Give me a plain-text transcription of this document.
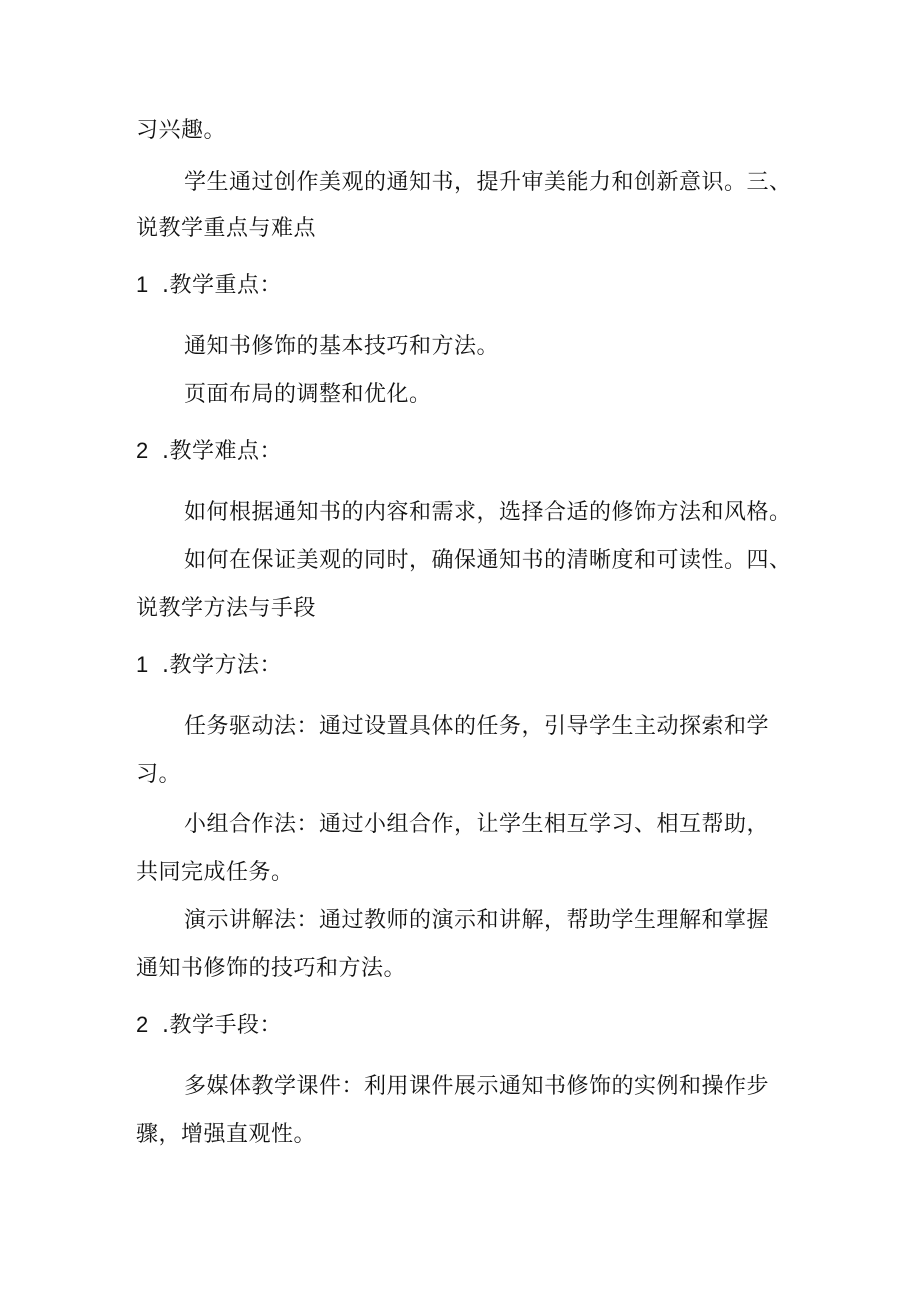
习兴趣。
学生通过创作美观的通知书，提升审美能力和创新意识。三、
说教学重点与难点
1 .教学重点：
通知书修饰的基本技巧和方法。
页面布局的调整和优化。
2 .教学难点：
如何根据通知书的内容和需求，选择合适的修饰方法和风格。
如何在保证美观的同时，确保通知书的清晰度和可读性。四、
说教学方法与手段
1 .教学方法：
任务驱动法：通过设置具体的任务，引导学生主动探索和学
习。
小组合作法：通过小组合作，让学生相互学习、相互帮助，
共同完成任务。
演示讲解法：通过教师的演示和讲解，帮助学生理解和掌握
通知书修饰的技巧和方法。
2 .教学手段：
多媒体教学课件：利用课件展示通知书修饰的实例和操作步
骤，增强直观性。
